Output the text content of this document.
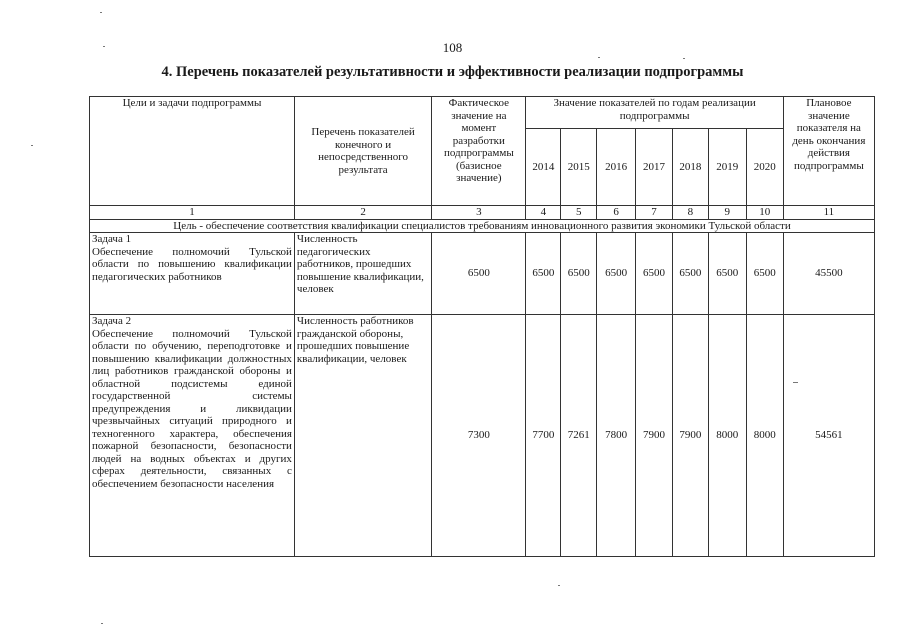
108
4. Перечень показателей результативности и эффективности реализации подпрограммы
Цели и задачи подпрограммы	Перечень показателей конечного и непосредственного результата	Фактическое значение на момент разработки подпрограммы (базисное значение)	Значение показателей по годам реализации подпрограммы							Плановое значение показателя на день окончания действия подпрограммы
			2014	2015	2016	2017	2018	2019	2020	
1	2	3	4	5	6	7	8	9	10	11
Цель - обеспечение соответствия квалификации специалистов требованиям инновационного развития экономики Тульской области										

Задача 1
Обеспечение полномочий Тульской области по повышению квалификации педагогических работников	Численность педагогических работников, прошедших повышение квалификации, человек	6500	6500	6500	6500	6500	6500	6500	6500	45500

Задача 2
Обеспечение полномочий Тульской области по обучению, переподготовке и повышению квалификации должностных лиц работников гражданской обороны и областной подсистемы единой государственной системы предупреждения и ликвидации чрезвычайных ситуаций природного и техногенного характера, обеспечения пожарной безопасности, безопасности людей на водных объектах и других сферах деятельности, связанных с обеспечением безопасности населения	Численность работников гражданской обороны, прошедших повышение квалификации, человек	7300	7700	7261	7800	7900	7900	8000	8000	54561
